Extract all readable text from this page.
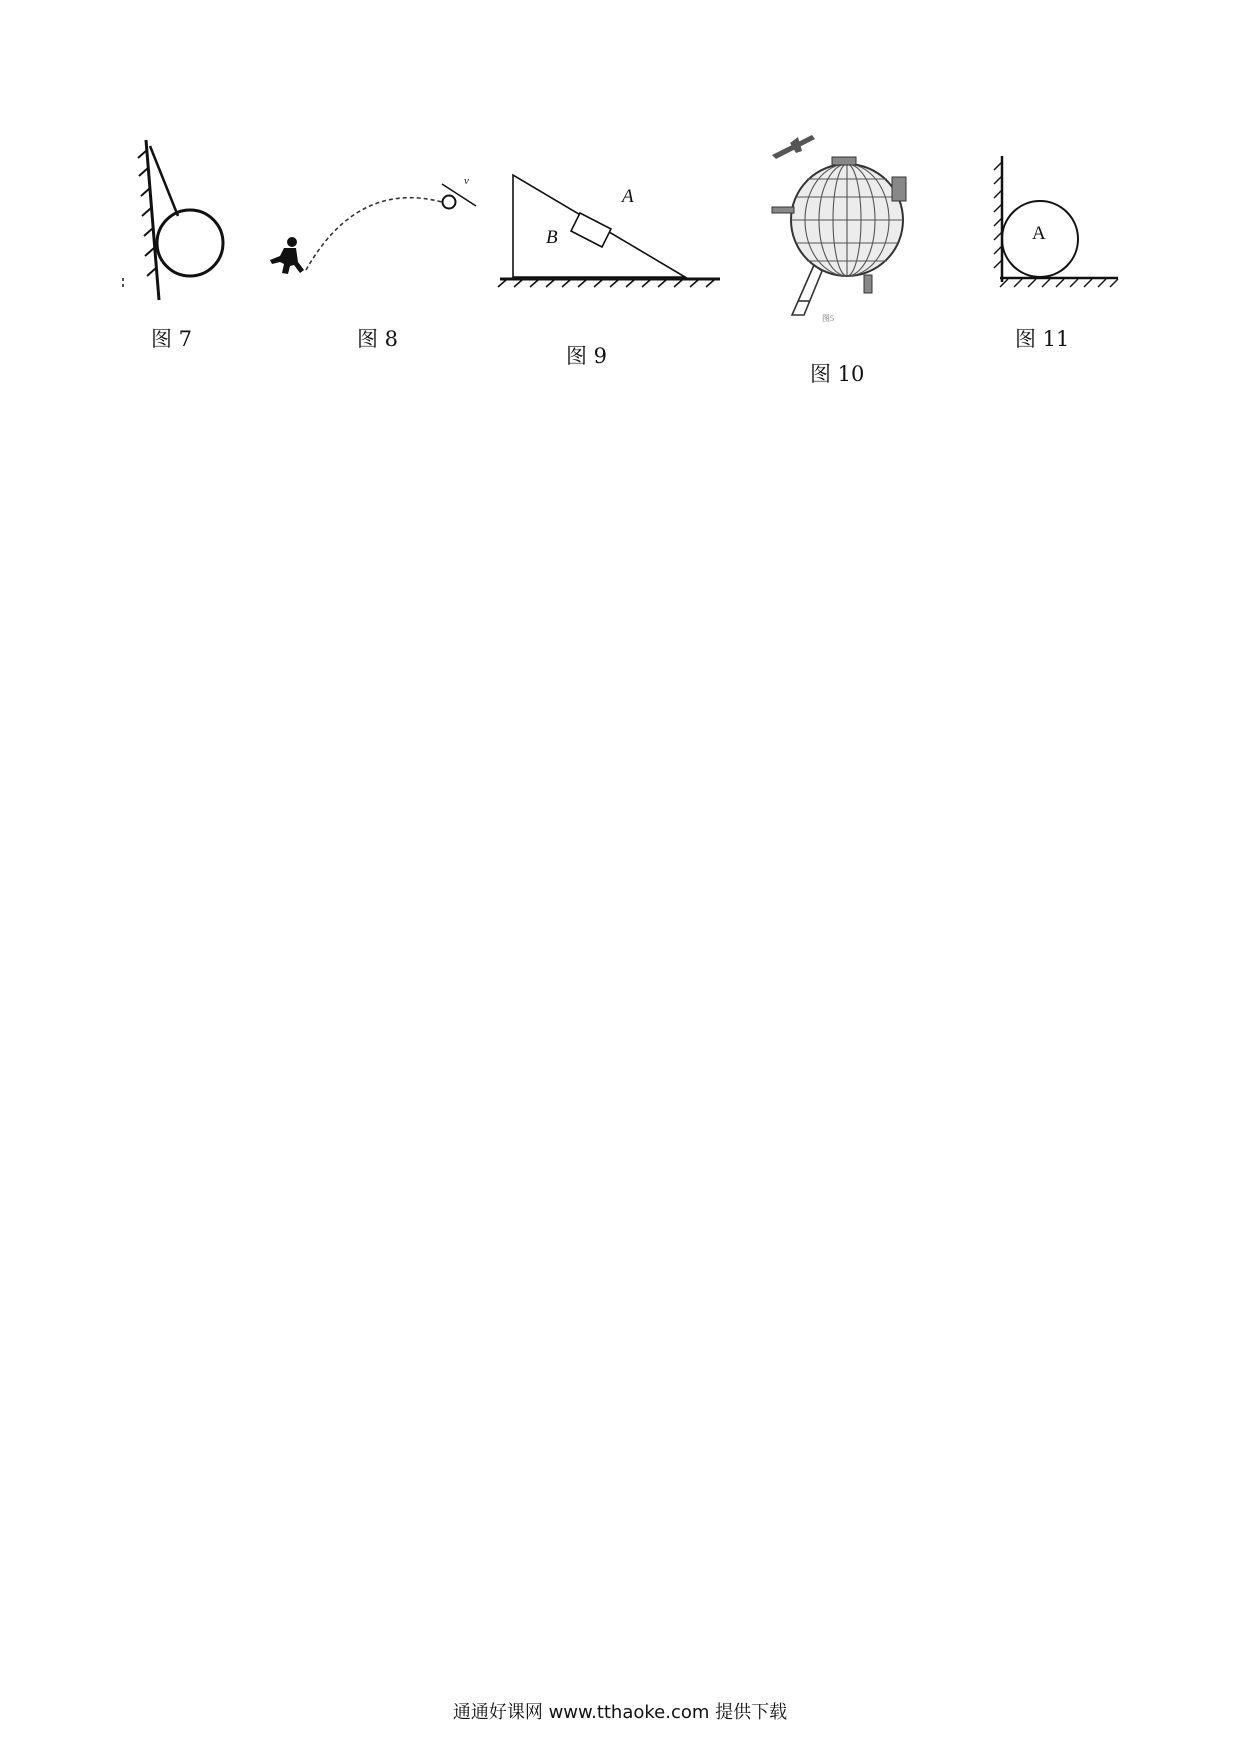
图 7
v
图 8
A
B
图 9
图5
图 10
A
图 11
通通好课网 www.tthaoke.com 提供下载
